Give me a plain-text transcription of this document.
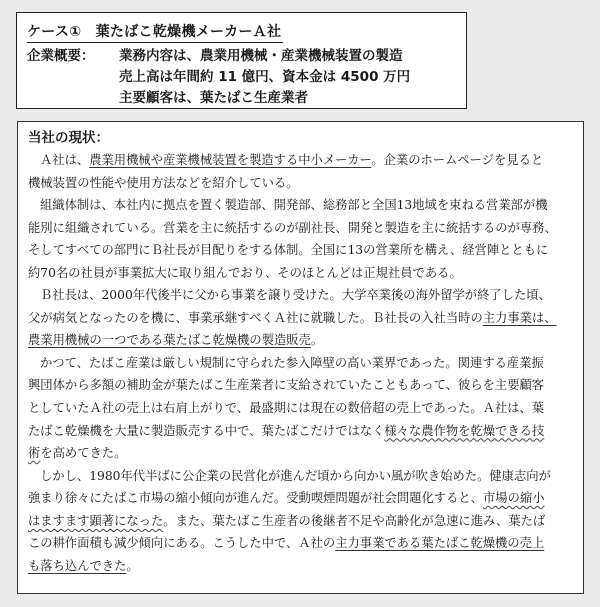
ケース①　葉たばこ乾燥機メーカーＡ社
企業概要：	業務内容は、農業用機械・産業機械装置の製造
売上高は年間約 11 億円、資本金は 4500 万円
主要顧客は、葉たばこ生産業者
当社の現状：
Ａ社は、農業用機械や産業機械装置を製造する中小メーカー。企業のホームページを見ると
機械装置の性能や使用方法などを紹介している。
組織体制は、本社内に拠点を置く製造部、開発部、総務部と全国13地域を束ねる営業部が機
能別に組織されている。営業を主に統括するのが副社長、開発と製造を主に統括するのが専務、
そしてすべての部門にＢ社長が目配りをする体制。全国に13の営業所を構え、経営陣とともに
約70名の社員が事業拡大に取り組んでおり、そのほとんどは正規社員である。
Ｂ社長は、2000年代後半に父から事業を譲り受けた。大学卒業後の海外留学が終了した頃、
父が病気となったのを機に、事業承継すべくＡ社に就職した。Ｂ社長の入社当時の主力事業は、
農業用機械の一つである葉たばこ乾燥機の製造販売。
かつて、たばこ産業は厳しい規制に守られた参入障壁の高い業界であった。関連する産業振
興団体から多額の補助金が葉たばこ生産業者に支給されていたこともあって、彼らを主要顧客
としていたＡ社の売上は右肩上がりで、最盛期には現在の数倍超の売上であった。Ａ社は、葉
たばこ乾燥機を大量に製造販売する中で、葉たばこだけではなく様々な農作物を乾燥できる技
術を高めてきた。
しかし、1980年代半ばに公企業の民営化が進んだ頃から向かい風が吹き始めた。健康志向が
強まり徐々にたばこ市場の縮小傾向が進んだ。受動喫煙問題が社会問題化すると、市場の縮小
はますます顕著になった。また、葉たばこ生産者の後継者不足や高齢化が急速に進み、葉たば
この耕作面積も減少傾向にある。こうした中で、Ａ社の主力事業である葉たばこ乾燥機の売上
も落ち込んできた。
